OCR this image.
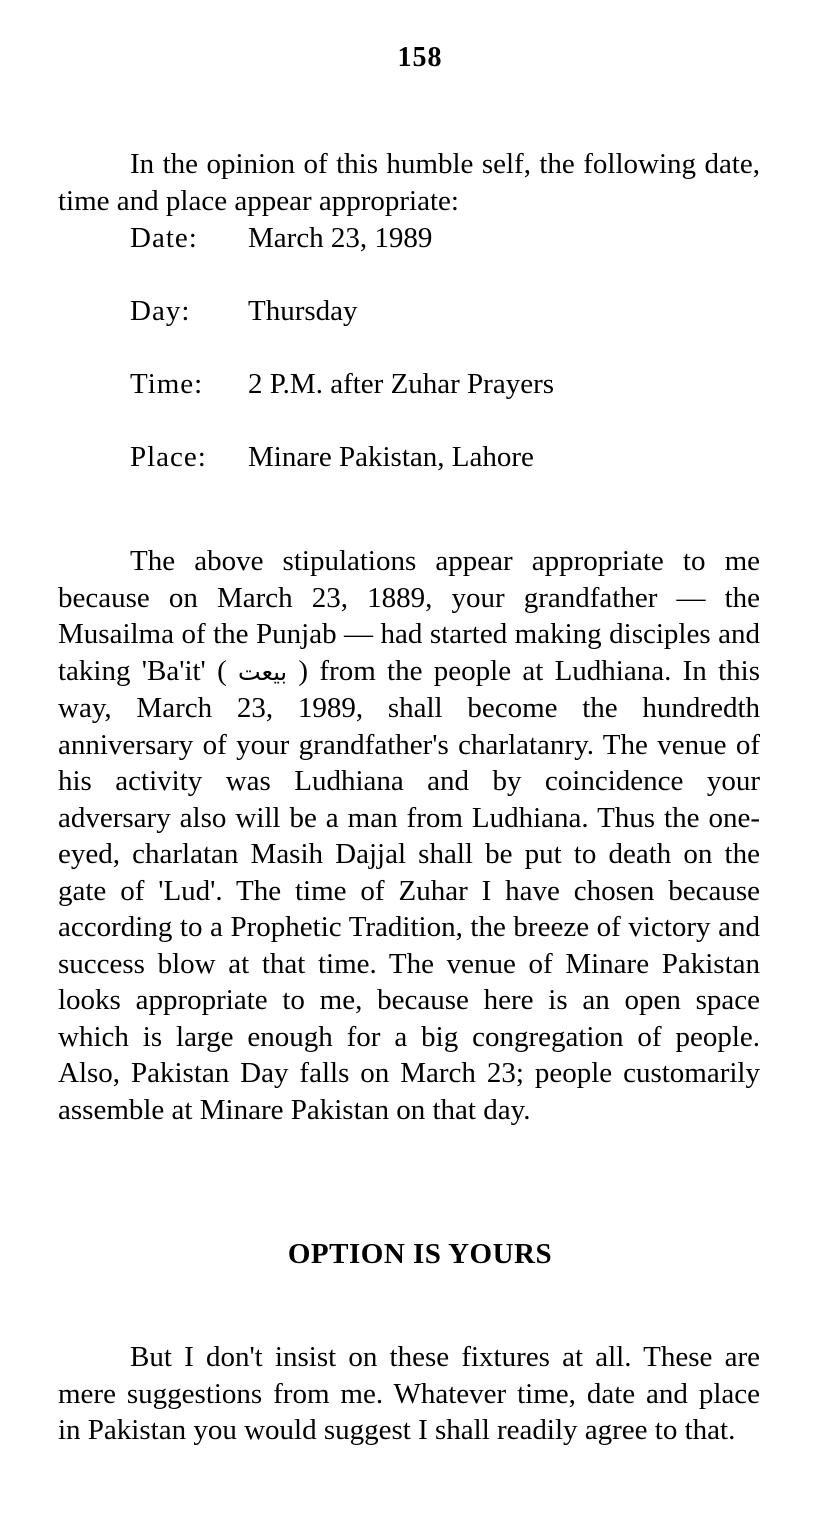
158

In the opinion of this humble self, the following date, time and place appear appropriate:

Date:	March 23, 1989
Day:	Thursday
Time:	2 P.M. after Zuhar Prayers
Place:	Minare Pakistan, Lahore

The above stipulations appear appropriate to me because on March 23, 1889, your grandfather — the Musailma of the Punjab — had started making disciples and taking 'Ba'it' ( بیعت ) from the people at Ludhiana. In this way, March 23, 1989, shall become the hundredth anniversary of your grandfather's charlatanry. The venue of his activity was Ludhiana and by coincidence your adversary also will be a man from Ludhiana. Thus the one-eyed, charlatan Masih Dajjal shall be put to death on the gate of 'Lud'. The time of Zuhar I have chosen because according to a Prophetic Tradition, the breeze of victory and success blow at that time. The venue of Minare Pakistan looks appropriate to me, because here is an open space which is large enough for a big congregation of people. Also, Pakistan Day falls on March 23; people customarily assemble at Minare Pakistan on that day.

OPTION IS YOURS

But I don't insist on these fixtures at all. These are mere suggestions from me. Whatever time, date and place in Pakistan you would suggest I shall readily agree to that.
